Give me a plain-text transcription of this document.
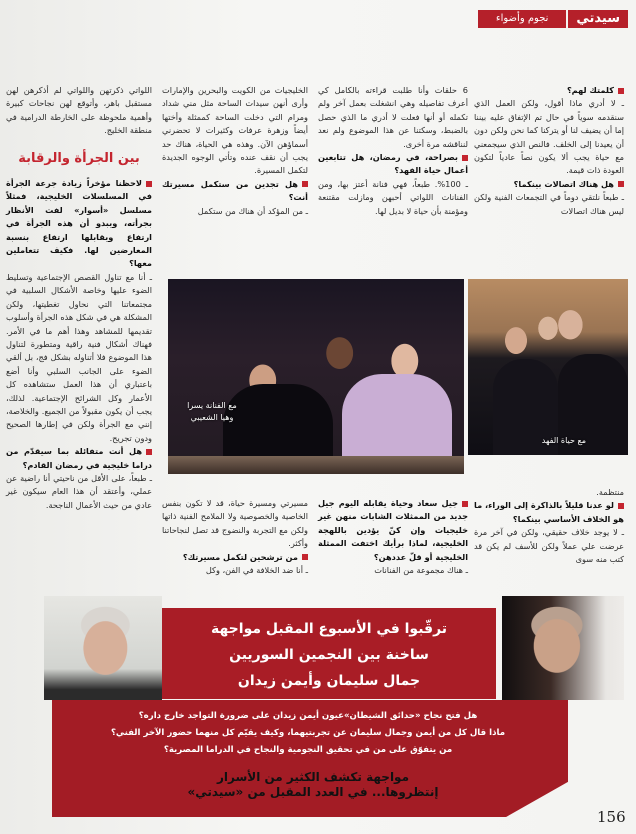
سيدتي
نجوم وأضواء

كلمتك لهم؟

ـ لا أدري ماذا أقول، ولكن العمل الذي سنقدمه سوياً في حال تم الإتفاق عليه بيننا إما أن يضيف لنا أو يتركنا كما نحن ولكن دون أن يعيدنا إلى الخلف. فالنص الذي سيجمعني مع حياة يجب ألا يكون نصاً عادياً لتكون العودة ذات قيمة.

هل هناك اتصالات بينكما؟

ـ طبعاً نلتقي دوماً في التجمعات الفنية ولكن ليس هناك اتصالات

6 حلقات وأنا طلبت قراءته بالكامل كي أعرف تفاصيله وهي انشغلت بعمل آخر ولم تكمله أو أنها فعلت لا أدري ما الذي حصل بالضبط، وسكتنا عن هذا الموضوع ولم نعد لنناقشه مرة أخرى.

بصراحة، في رمضان، هل تتابعين أعمال حياة الفهد؟

ـ 100%. طبعاً، فهي فنانة أعتز بها، ومن الفنانات اللواتي أحبهن ومازلت مقتنعة ومؤمنة بأن حياة لا بديل لها.

الخليجيات من الكويت والبحرين والإمارات وأرى أنهن سيدات الساحة مثل مني شداد ومرام التي دخلت الساحة كممثلة وأختها أيضاً وزهرة عرفات وكثيرات لا تحضرني أسماؤهن الآن. وهذه هي الحياة، هناك حد يجب أن نقف عنده وتأتي الوجوه الجديدة لتكمل المسيرة.

هل تجدين من ستكمل مسيرتك أنت؟

ـ من المؤكد أن هناك من ستكمل

اللواتي ذكرتهن واللواتي لم أذكرهن لهن مستقبل باهر، وأتوقع لهن نجاحات كبيرة وأهمية ملحوظة على الخارطة الدرامية في منطقة الخليج.

بين الجرأة والرقابة

لاحظنا مؤخراً زيادة جرعة الجرأة في المسلسلات الخليجية، فمثلاً مسلسل «أسوار» لفت الأنظار بجرأته، ويبدو أن هذه الجرأة في ارتفاع ويقابلها ارتفاع بنسبة المعارضين لها. فكيف تتعاملين معها؟

ـ أنا مع تناول القصص الإجتماعية وتسليط الضوء عليها وخاصة الأشكال السلبية في مجتمعاتنا التي نحاول تغطيتها، ولكن المشكلة هي في شكل هذه الجرأة وأسلوب تقديمها للمشاهد وهذا أهم ما في الأمر. فهناك أشكال فنية راقية ومتطورة لتناول هذا الموضوع فلا أتناوله بشكل فج، بل ألقي الضوء على الجانب السلبي وأنا أضع باعتباري أن هذا العمل ستشاهده كل الأعمار وكل الشرائح الإجتماعية. لذلك، يجب أن يكون مقبولاً من الجميع. والخلاصة، إنني مع الجرأة ولكن في إطارها الصحيح ودون تجريح.

هل أنت متفائلة بما سيقدّم من دراما خليجية في رمضان القادم؟

ـ طبعاً، على الأقل من ناحيتي أنا راضية عن عملي، وأعتقد أن هذا العام سيكون غير عادي من حيث الأعمال الناجحة.

مع حياة الفهد
مع الفنانة يسرا
وهيا الشعيبي

منتظمة.

لو عدنا قليلاً بالذاكرة إلى الوراء، ما هو الخلاف الأساسي بينكما؟

ـ لا يوجد خلاف حقيقي، ولكن في آخر مرة عرضت علي عملاً ولكن للأسف لم يكن قد كتب منه سوى

جيل سعاد وحياة يقابله اليوم جيل جديد من الممثلات الشابات منهن غير خليجيات وإن كنّ يؤدين باللهجة الخليجية، لماذا برأيك اختفت الممثلة الخليجية أو قلّ عددهن؟

ـ هناك مجموعة من الفنانات

مسيرتي ومسيرة حياة، قد لا تكون بنفس الخاصية والخصوصية ولا الملامح الفنية ذاتها ولكن مع التجربة والنضوج قد تصل لنجاحاتنا وأكثر.

من ترشحين لتكمل مسيرتك؟

ـ أنا ضد الخلافة في الفن، وكل

ترقّبوا في الأسبوع المقبل مواجهة
ساخنة بين النجمين السوريين
جمال سليمان وأيمن زيدان
هل فتح نجاح «حدائق الشيطان»عيون أيمن زيدان على ضرورة التواجد خارج داره؟
ماذا قال كل من أيمن وجمال سليمان عن تجربتيهما، وكيف يقيّم كل منهما حضور الآخر الفني؟
من يتفوّق على من في تحقيق النجومية والنجاح في الدراما المصرية؟
مواجهة تكشف الكثير من الأسرار
إنتظروها... في العدد المقبل من «سيدتي»
156
